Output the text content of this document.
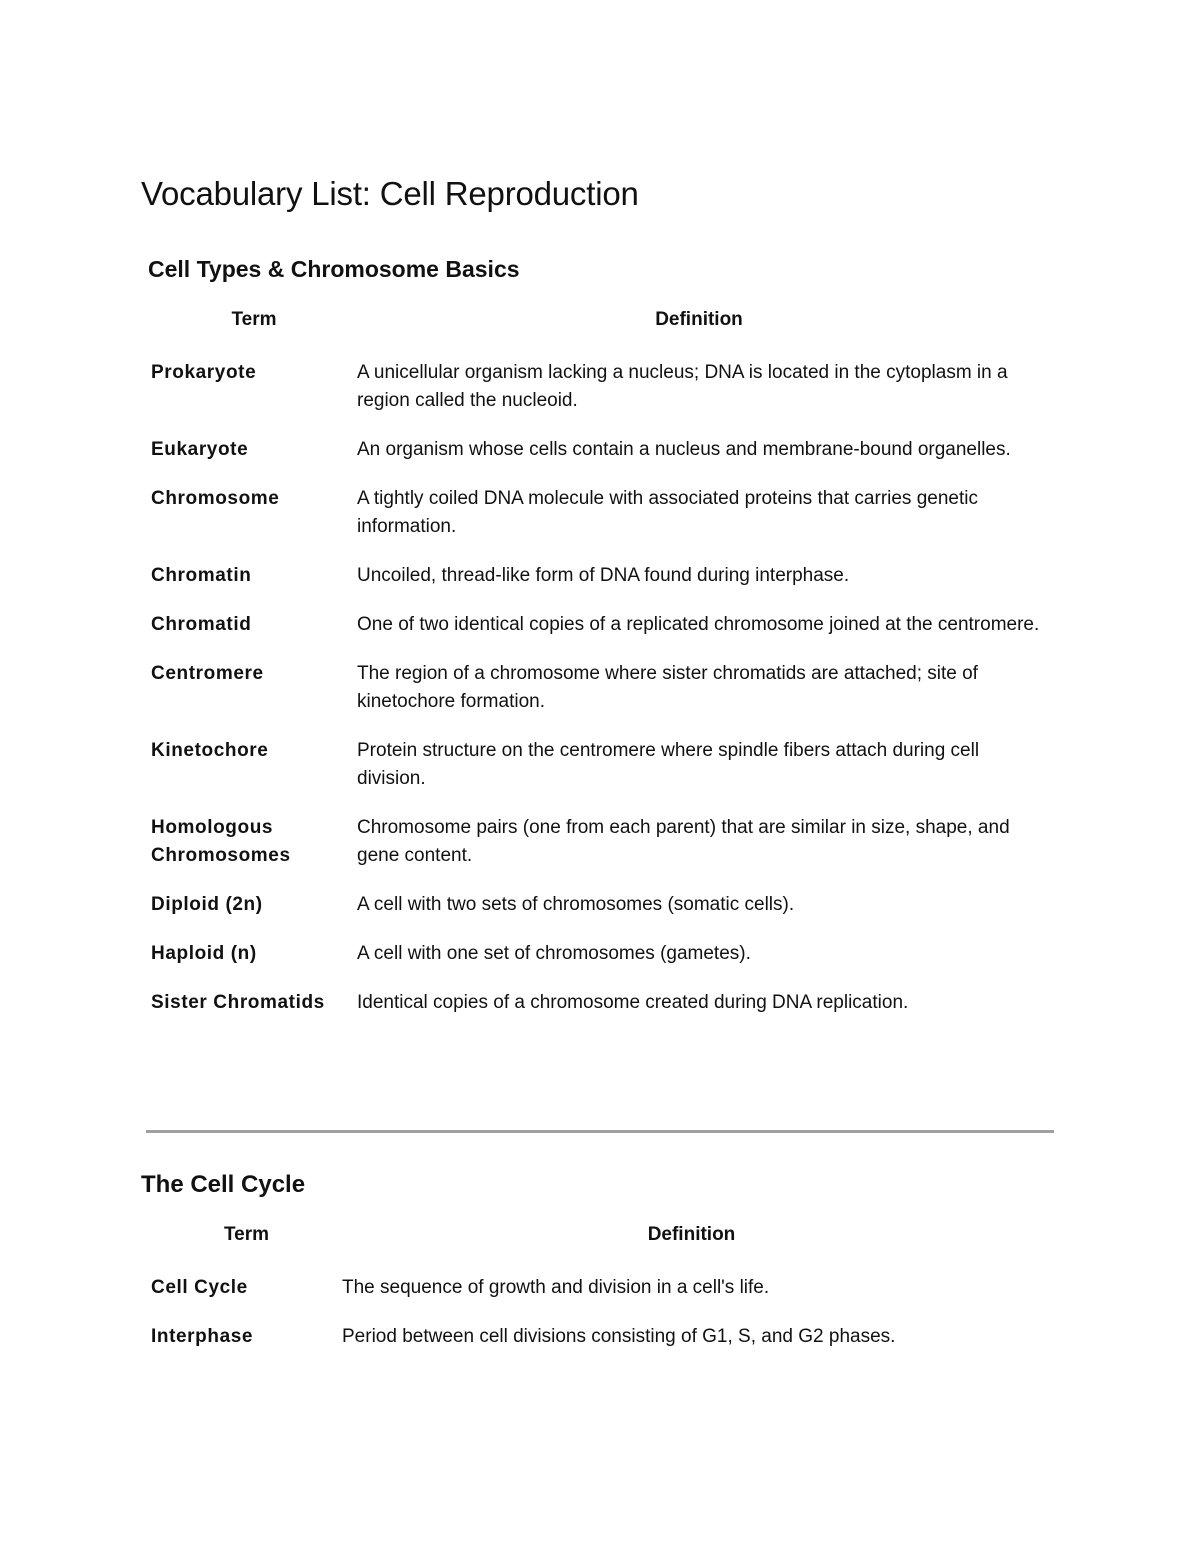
Vocabulary List: Cell Reproduction
Cell Types & Chromosome Basics
Term	Definition
Prokaryote	A unicellular organism lacking a nucleus; DNA is located in the cytoplasm in a region called the nucleoid.
Eukaryote	An organism whose cells contain a nucleus and membrane-bound organelles.
Chromosome	A tightly coiled DNA molecule with associated proteins that carries genetic information.
Chromatin	Uncoiled, thread-like form of DNA found during interphase.
Chromatid	One of two identical copies of a replicated chromosome joined at the centromere.
Centromere	The region of a chromosome where sister chromatids are attached; site of kinetochore formation.
Kinetochore	Protein structure on the centromere where spindle fibers attach during cell division.
Homologous Chromosomes	Chromosome pairs (one from each parent) that are similar in size, shape, and gene content.
Diploid (2n)	A cell with two sets of chromosomes (somatic cells).
Haploid (n)	A cell with one set of chromosomes (gametes).
Sister Chromatids	Identical copies of a chromosome created during DNA replication.
The Cell Cycle
Term	Definition
Cell Cycle	The sequence of growth and division in a cell's life.
Interphase	Period between cell divisions consisting of G1, S, and G2 phases.
